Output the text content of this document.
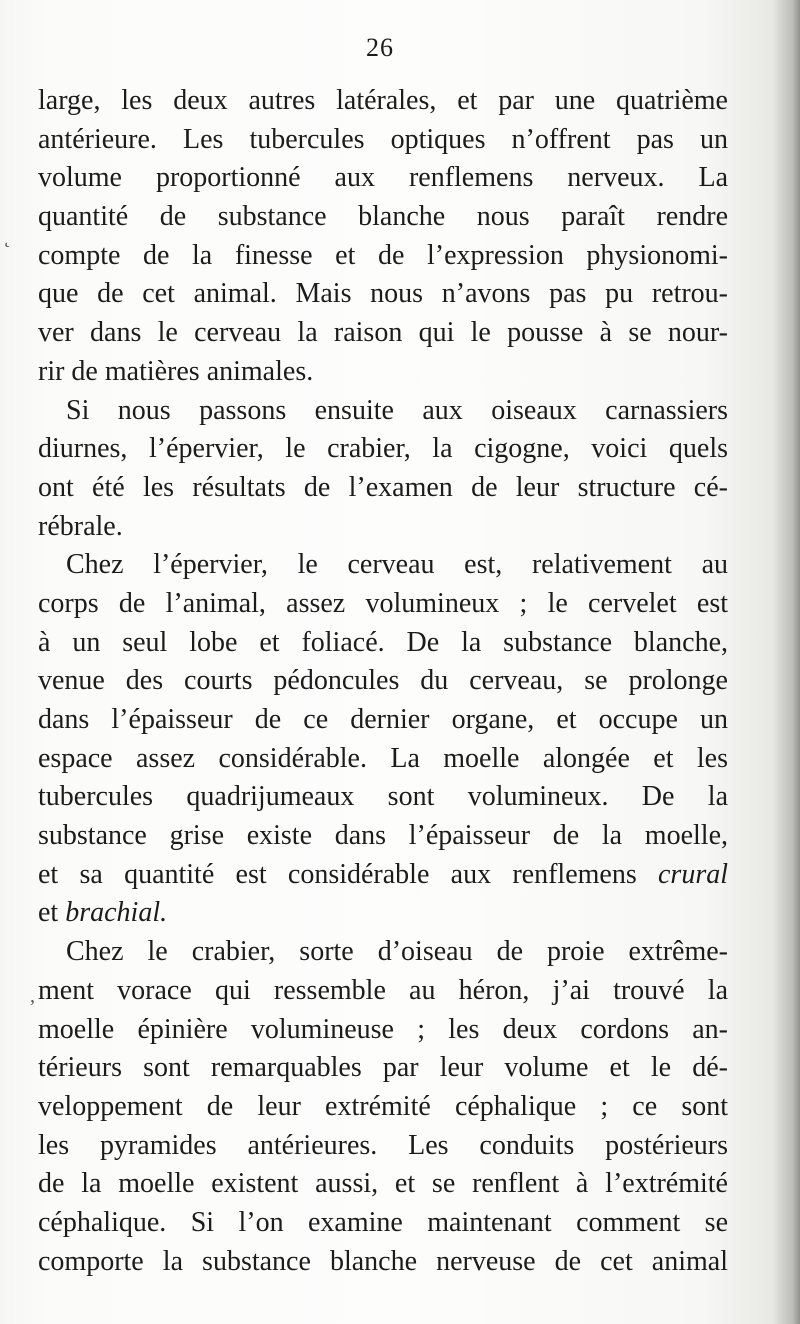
26
large, les deux autres latérales, et par une quatrième
antérieure. Les tubercules optiques n’offrent pas un
volume proportionné aux renflemens nerveux. La
quantité de substance blanche nous paraît rendre
compte de la finesse et de l’expression physionomi-
que de cet animal. Mais nous n’avons pas pu retrou-
ver dans le cerveau la raison qui le pousse à se nour-
rir de matières animales.
Si nous passons ensuite aux oiseaux carnassiers
diurnes, l’épervier, le crabier, la cigogne, voici quels
ont été les résultats de l’examen de leur structure cé-
rébrale.
Chez l’épervier, le cerveau est, relativement au
corps de l’animal, assez volumineux ; le cervelet est
à un seul lobe et foliacé. De la substance blanche,
venue des courts pédoncules du cerveau, se prolonge
dans l’épaisseur de ce dernier organe, et occupe un
espace assez considérable. La moelle alongée et les
tubercules quadrijumeaux sont volumineux. De la
substance grise existe dans l’épaisseur de la moelle,
et sa quantité est considérable aux renflemens crural
et brachial.
Chez le crabier, sorte d’oiseau de proie extrême-
ment vorace qui ressemble au héron, j’ai trouvé la
moelle épinière volumineuse ; les deux cordons an-
térieurs sont remarquables par leur volume et le dé-
veloppement de leur extrémité céphalique ; ce sont
les pyramides antérieures. Les conduits postérieurs
de la moelle existent aussi, et se renflent à l’extrémité
céphalique. Si l’on examine maintenant comment se
comporte la substance blanche nerveuse de cet animal
˛
,
